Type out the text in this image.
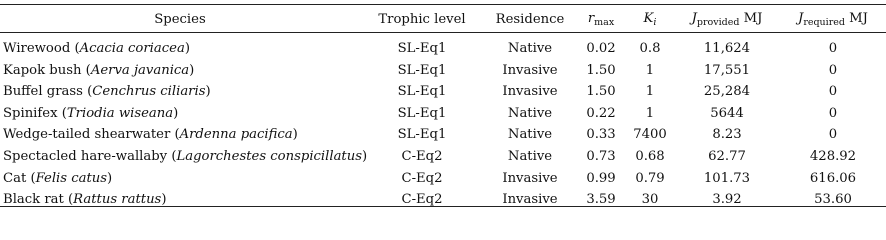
Species	Trophic level	Residence	$r_{max}$	$K_i$	$J_{provided}$ MJ	$J_{required}$ MJ
Wirewood (Acacia coriacea)	SL-Eq1	Native	0.02	0.8	11,624	0
Kapok bush (Aerva javanica)	SL-Eq1	Invasive	1.50	1	17,551	0
Buffel grass (Cenchrus ciliaris)	SL-Eq1	Invasive	1.50	1	25,284	0
Spinifex (Triodia wiseana)	SL-Eq1	Native	0.22	1	5644	0
Wedge-tailed shearwater (Ardenna pacifica)	SL-Eq1	Native	0.33	7400	8.23	0
Spectacled hare-wallaby (Lagorchestes conspicillatus)	C-Eq2	Native	0.73	0.68	62.77	428.92
Cat (Felis catus)	C-Eq2	Invasive	0.99	0.79	101.73	616.06
Black rat (Rattus rattus)	C-Eq2	Invasive	3.59	30	3.92	53.60
